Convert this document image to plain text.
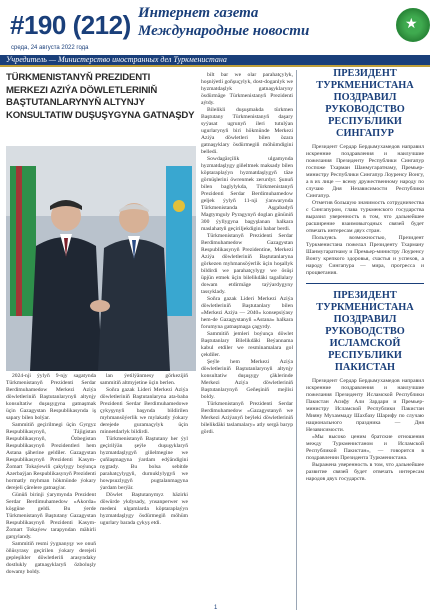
#190 (212)
среда, 24 августа 2022 года
Интернет газета
Международные новости	★
Учредитель — Министерство иностранных дел Туркменистана
TÜRKMENISTANYŇ PREZIDENTI
MERKEZI AZIÝA DÖWLETLERINIŇ
BAŞTUTANLARYNYŇ ALTYNJY
KONSULTATIW DUŞUŞYGYNA GATNAŞDY

2024-nji ýylyň 9-njy sagatynda Türkmenistanyň Prezidenti Serdar Berdimuhamedow Merkezi Aziýa döwletleriniň Baştutanlarynyň altynjy konsultatiw duşuşygyna gatnaşmak üçin Gazagystan Respublikasynda iş sapary bilen bolýar.

Sammitiň geçirilmegi üçin Gyrgyz Respublikasynyň, Tájigistan Respublikasynyň, Özbegistan Respublikasynyň Prezidentleri hem Astana şäherine geldiler. Gazagystan Respublikasynyň Prezidenti Kasym-Žomart Tokaýewiň çakylygy boýunça Azerbaýjan Respublikasynyň Prezidenti hormatly myhman hökmünde ýokary derejeli çärelere gatnaşýar.

Günüň birinji ýarymynda Prezident Serdar Berdimuhamedow «Akorda» köşgüne geldi. Bu ýerde Türkmenistanyň Baştutany Gazagystan Respublikasynyň Prezidenti Kasym-Žomart Tokaýew tarapyndan mähirli garşylandy.

Sammitiň resmi ýygnanyşy we onuň öňüsyrasy geçirilen ýokary derejeli gepleşikler döwletleriň arasyndaky dostlukly gatnaşyklaryň özboluşly dowamy boldy.

lan ýetilýänmesy görkezijiň sammitiň altmyjetine üçin berlen.

Soňra gazak Lideri Merkezi Aziýa döwletleriniň Baştutanlaryna ata-baba Prezidenti Serdar Berdimuhamedowe çykyşynyň başynda bildirilen myhmansöýerlik we mylakatly ýokary derejede guramaçylyk üçin minnetdarlyk bildirdi.

Türkmenistanyň Baştutany her ýyl geçirilýän şeýle duşuşyklaryň hyzmatdaşlygyň giňelmegine we çuňlaşmagyna ýardam edýändigini nygtady. Bu bolsa sebitde parahatçylygyň, durnuklylygyň we howpsuzlygyň pugtalanmagyna ýardam berýär.

Döwlet Baştutanymyz häzirki döwürde ykdysady, ynsanperwer we medeni ulgamlarda köptaraplaýyn hyzmatdaşlygy ösdürmegiň möhüm ugurlary barada çykyş etdi.

bilt bar we olar parahatçylyk, hoşniýetli goňşuçylyk, dost-doganlyk we hyzmatdaşlyk gatnaşyklaryny ösdürmäge Türkmenistanyň Prezidenti aýtdy.

Bilelikli duşuşmakda türkmen Baştutany Türkmenistanyň daşary syýasat ugrunyň ileri tutulýan ugurlarynyň biri hökmünde Merkezi Aziýa döwletleri bilen özara gatnaşyklary ösdürmegiň möhümdigini belledi.

Sowdagärçilik ulgamynda hyzmatdaşlygy giňeltmek maksady bilen köptaraplaýyn hyzmatdaşlygyň täze görnüşlerini öwrenmek zerurdyr. Şunuň bilen baglylykda, Türkmenistanyň Prezidenti Serdar Berdimuhamedow geljek ýylyň 11-nji ýanwarynda Türkmenistanda Aşgabadyň Magtymguly Pyragynyň doglan gününiň 300 ýyllygyna bagyşlanan halkara maslahatyň geçiriljekdigini habar berdi.

Türkmenistanyň Prezidenti Serdar Berdimuhamedow Gazagystan Respublikasynyň Prezidentine, Merkezi Aziýa döwletleriniň Baştutanlaryna görkezen myhmansöýerlik üçin hoşallyk bildirdi we parahatçylygy we ösüşi üpjün etmek üçin bilelikdäki tagallalary dowam etdirmäge taýýardygyny tassyklady.

Soňra gazak Lideri Merkezi Aziýa döwletleriniň Baştutanlary bilen «Merkezi Aziýa — 2040» konsepsiýasy hem-de Gazagystanyň «Astana» halkara forumyna gatnaşmaga çagyrdy.

Sammitiň jemleri boýunça döwlet Baştutanlary Bilelikdäki Beýannama kabul etdiler we resminamalara gol çekdiler.

Şeýle hem Merkezi Aziýa döwletleriniň Baştutanlarynyň altynjy konsultatiw duşuşygy çäklerinde Merkezi Aziýa döwletleriniň Baştutanlarynyň Geňeşiniň mejlisi boldy.

Türkmenistanyň Prezidenti Serdar Berdimuhamedow «Gazagystanyň we Merkezi Aziýanyň beýleki döwletleriniň bilelikdäki taslamalary» atly sergä baryp gördi.

ПРЕЗИДЕНТ
ТУРКМЕНИСТАНА
ПОЗДРАВИЛ
РУКОВОДСТВО
РЕСПУБЛИКИ
СИНГАПУР

Президент Сердар Бердымухамедов направил искренние поздравления и наилучшие пожелания Президенту Республики Сингапур госпоже Тхарман Шанмугаратнаму, Премьер-министру Республики Сингапур Лоуренсу Вонгу, а в их лице — всему дружественному народу по случаю Дня Независимости Республики Сингапур.

Отметив большую значимость сотрудничества с Сингапуром, глава туркменского государства выразил уверенность в том, что дальнейшее расширение взаимовыгодных связей будет отвечать интересам двух стран.

Пользуясь возможностью, Президент Туркменистана пожелал Президенту Тхарману Шанмугаратнаму и Премьер-министру Лоуренсу Вонгу крепкого здоровья, счастья и успехов, а народу Сингапура — мира, прогресса и процветания.

ПРЕЗИДЕНТ
ТУРКМЕНИСТАНА
ПОЗДРАВИЛ
РУКОВОДСТВО
ИСЛАМСКОЙ
РЕСПУБЛИКИ
ПАКИСТАН

Президент Сердар Бердымухамедов направил искренние поздравления и наилучшие пожелания Президенту Исламской Республики Пакистан Асифу Али Зардари и Премьер-министру Исламской Республики Пакистан Мияну Мухаммаду Шахбазу Шарифу по случаю национального праздника — Дня Независимости.

«Мы высоко ценим братские отношения между Туркменистаном и Исламской Республикой Пакистан», — говорится в поздравлении Президента Туркменистана.

Выражена уверенность в том, что дальнейшее развитие связей будет отвечать интересам народов двух государств.

1
